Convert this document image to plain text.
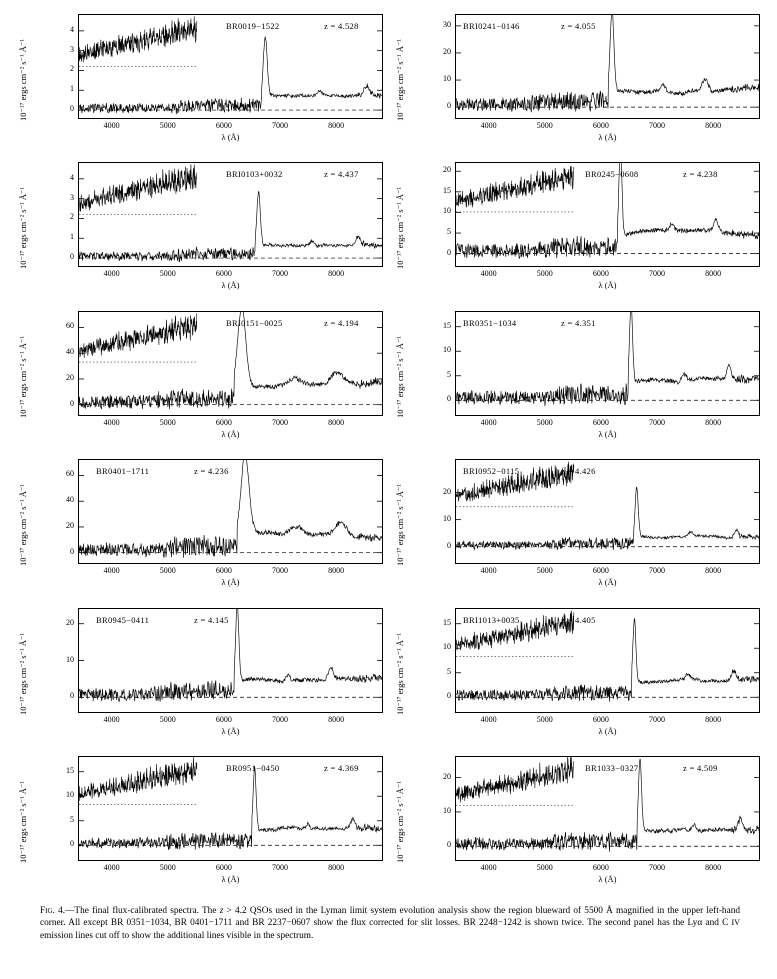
10⁻¹⁷ ergs cm⁻² s⁻¹ Å⁻¹	0
1
2
3
4
4000	5000	6000	7000	8000
λ (Å)
BR0019−1522	z = 4.528
10⁻¹⁷ ergs cm⁻² s⁻¹ Å⁻¹	0
10
20
30
4000	5000	6000	7000	8000
λ (Å)
BRI0241−0146	z = 4.055
10⁻¹⁷ ergs cm⁻² s⁻¹ Å⁻¹	0
1
2
3
4
4000	5000	6000	7000	8000
λ (Å)
BRI0103+0032	z = 4.437
10⁻¹⁷ ergs cm⁻² s⁻¹ Å⁻¹	0
5
10
15
20
4000	5000	6000	7000	8000
λ (Å)
BR0245−0608	z = 4.238
10⁻¹⁷ ergs cm⁻² s⁻¹ Å⁻¹	0
20
40
60
4000	5000	6000	7000	8000
λ (Å)
BRI0151−0025	z = 4.194
10⁻¹⁷ ergs cm⁻² s⁻¹ Å⁻¹	0
5
10
15
4000	5000	6000	7000	8000
λ (Å)
BR0351−1034	z = 4.351
10⁻¹⁷ ergs cm⁻² s⁻¹ Å⁻¹	0
20
40
60
4000	5000	6000	7000	8000
λ (Å)
BR0401−1711	z = 4.236
10⁻¹⁷ ergs cm⁻² s⁻¹ Å⁻¹	0
10
20
4000	5000	6000	7000	8000
λ (Å)
BRI0952−0115	z = 4.426
10⁻¹⁷ ergs cm⁻² s⁻¹ Å⁻¹	0
10
20
4000	5000	6000	7000	8000
λ (Å)
BR0945−0411	z = 4.145
10⁻¹⁷ ergs cm⁻² s⁻¹ Å⁻¹	0
5
10
15
4000	5000	6000	7000	8000
λ (Å)
BRI1013+0035	z = 4.405
10⁻¹⁷ ergs cm⁻² s⁻¹ Å⁻¹	0
5
10
15
4000	5000	6000	7000	8000
λ (Å)
BR0951−0450	z = 4.369
10⁻¹⁷ ergs cm⁻² s⁻¹ Å⁻¹	0
10
20
4000	5000	6000	7000	8000
λ (Å)
BR1033−0327	z = 4.509
Fig. 4.—The final flux-calibrated spectra. The z > 4.2 QSOs used in the Lyman limit system evolution analysis show the region blueward of 5500 Å magnified in the upper left-hand corner. All except BR 0351−1034, BR 0401−1711 and BR 2237−0607 show the flux corrected for slit losses. BR 2248−1242 is shown twice. The second panel has the Lyα and C IV emission lines cut off to show the additional lines visible in the spectrum.
